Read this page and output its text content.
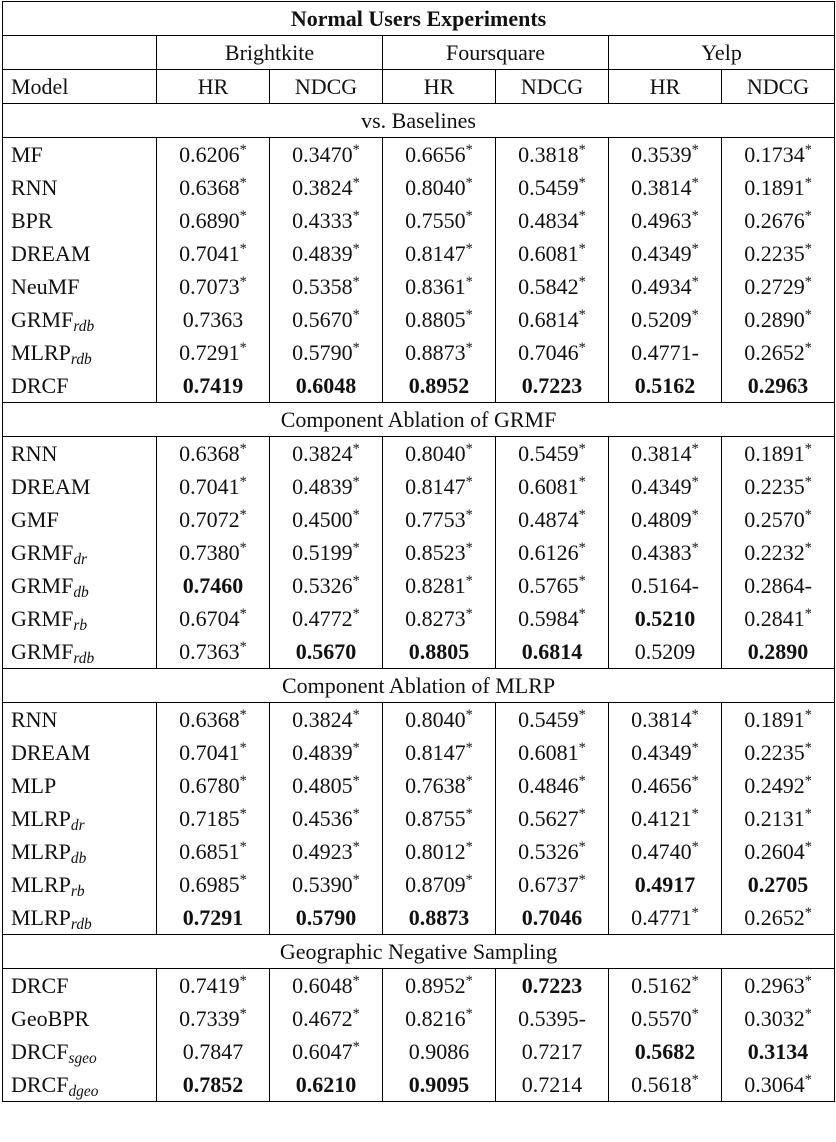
Normal Users Experiments						
	Brightkite		Foursquare		Yelp	
Model	HR	NDCG	HR	NDCG	HR	NDCG
vs. Baselines						
MF	0.6206*	0.3470*	0.6656*	0.3818*	0.3539*	0.1734*
RNN	0.6368*	0.3824*	0.8040*	0.5459*	0.3814*	0.1891*
BPR	0.6890*	0.4333*	0.7550*	0.4834*	0.4963*	0.2676*
DREAM	0.7041*	0.4839*	0.8147*	0.6081*	0.4349*	0.2235*
NeuMF	0.7073*	0.5358*	0.8361*	0.5842*	0.4934*	0.2729*
$GRMF_{rdb}$	0.7363	0.5670*	0.8805*	0.6814*	0.5209*	0.2890*
$MLRP_{rdb}$	0.7291*	0.5790*	0.8873*	0.7046*	0.4771-	0.2652*
DRCF	0.7419	0.6048	0.8952	0.7223	0.5162	0.2963
Component Ablation of GRMF						
RNN	0.6368*	0.3824*	0.8040*	0.5459*	0.3814*	0.1891*
DREAM	0.7041*	0.4839*	0.8147*	0.6081*	0.4349*	0.2235*
GMF	0.7072*	0.4500*	0.7753*	0.4874*	0.4809*	0.2570*
$GRMF_{dr}$	0.7380*	0.5199*	0.8523*	0.6126*	0.4383*	0.2232*
$GRMF_{db}$	0.7460	0.5326*	0.8281*	0.5765*	0.5164-	0.2864-
$GRMF_{rb}$	0.6704*	0.4772*	0.8273*	0.5984*	0.5210	0.2841*
$GRMF_{rdb}$	0.7363*	0.5670	0.8805	0.6814	0.5209	0.2890
Component Ablation of MLRP						
RNN	0.6368*	0.3824*	0.8040*	0.5459*	0.3814*	0.1891*
DREAM	0.7041*	0.4839*	0.8147*	0.6081*	0.4349*	0.2235*
MLP	0.6780*	0.4805*	0.7638*	0.4846*	0.4656*	0.2492*
$MLRP_{dr}$	0.7185*	0.4536*	0.8755*	0.5627*	0.4121*	0.2131*
$MLRP_{db}$	0.6851*	0.4923*	0.8012*	0.5326*	0.4740*	0.2604*
$MLRP_{rb}$	0.6985*	0.5390*	0.8709*	0.6737*	0.4917	0.2705
$MLRP_{rdb}$	0.7291	0.5790	0.8873	0.7046	0.4771*	0.2652*
Geographic Negative Sampling						
DRCF	0.7419*	0.6048*	0.8952*	0.7223	0.5162*	0.2963*
GeoBPR	0.7339*	0.4672*	0.8216*	0.5395-	0.5570*	0.3032*
$DRCF_{sgeo}$	0.7847	0.6047*	0.9086	0.7217	0.5682	0.3134
$DRCF_{dgeo}$	0.7852	0.6210	0.9095	0.7214	0.5618*	0.3064*
